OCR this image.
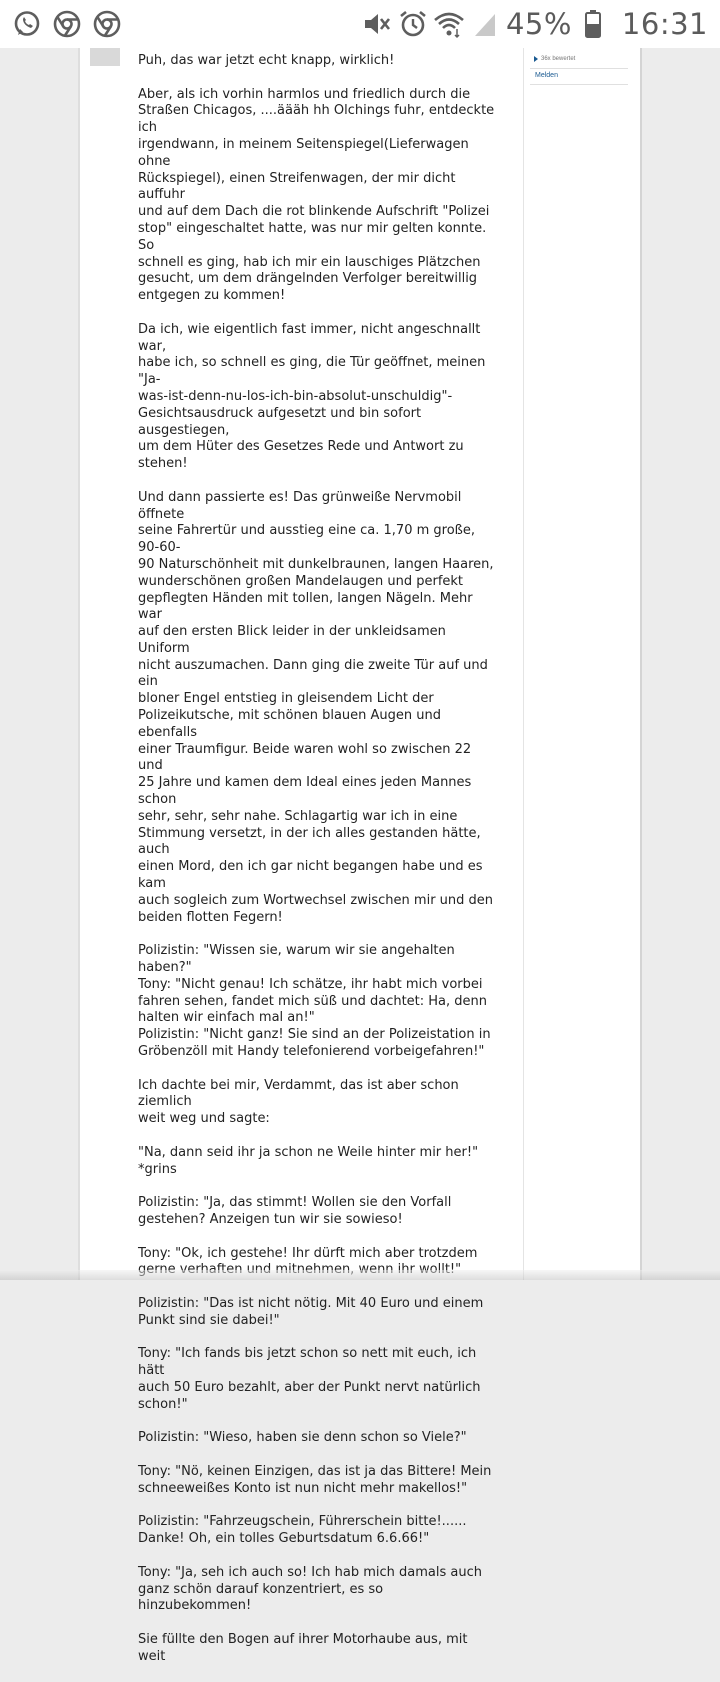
36x bewertet
Melden

Puh, das war jetzt echt knapp, wirklich!

Aber, als ich vorhin harmlos und friedlich durch die
Straßen Chicagos, ....äääh hh Olchings fuhr, entdeckte ich
irgendwann, in meinem Seitenspiegel(Lieferwagen ohne
Rückspiegel), einen Streifenwagen, der mir dicht auffuhr
und auf dem Dach die rot blinkende Aufschrift "Polizei
stop" eingeschaltet hatte, was nur mir gelten konnte. So
schnell es ging, hab ich mir ein lauschiges Plätzchen
gesucht, um dem drängelnden Verfolger bereitwillig
entgegen zu kommen!

Da ich, wie eigentlich fast immer, nicht angeschnallt war,
habe ich, so schnell es ging, die Tür geöffnet, meinen "Ja-
was-ist-denn-nu-los-ich-bin-absolut-unschuldig"-
Gesichtsausdruck aufgesetzt und bin sofort ausgestiegen,
um dem Hüter des Gesetzes Rede und Antwort zu stehen!

Und dann passierte es! Das grünweiße Nervmobil öffnete
seine Fahrertür und ausstieg eine ca. 1,70 m große, 90-60-
90 Naturschönheit mit dunkelbraunen, langen Haaren,
wunderschönen großen Mandelaugen und perfekt
gepflegten Händen mit tollen, langen Nägeln. Mehr war
auf den ersten Blick leider in der unkleidsamen Uniform
nicht auszumachen. Dann ging die zweite Tür auf und ein
bloner Engel entstieg in gleisendem Licht der
Polizeikutsche, mit schönen blauen Augen und ebenfalls
einer Traumfigur. Beide waren wohl so zwischen 22 und
25 Jahre und kamen dem Ideal eines jeden Mannes schon
sehr, sehr, sehr nahe. Schlagartig war ich in eine
Stimmung versetzt, in der ich alles gestanden hätte, auch
einen Mord, den ich gar nicht begangen habe und es kam
auch sogleich zum Wortwechsel zwischen mir und den
beiden flotten Fegern!

Polizistin: "Wissen sie, warum wir sie angehalten haben?"
Tony: "Nicht genau! Ich schätze, ihr habt mich vorbei
fahren sehen, fandet mich süß und dachtet: Ha, denn
halten wir einfach mal an!"
Polizistin: "Nicht ganz! Sie sind an der Polizeistation in
Gröbenzöll mit Handy telefonierend vorbeigefahren!"

Ich dachte bei mir, Verdammt, das ist aber schon ziemlich
weit weg und sagte:

"Na, dann seid ihr ja schon ne Weile hinter mir her!"
*grins

Polizistin: "Ja, das stimmt! Wollen sie den Vorfall
gestehen? Anzeigen tun wir sie sowieso!

Tony: "Ok, ich gestehe! Ihr dürft mich aber trotzdem

Polizistin: "Das ist nicht nötig. Mit 40 Euro und einem
Punkt sind sie dabei!"

Tony: "Ich fands bis jetzt schon so nett mit euch, ich hätt
auch 50 Euro bezahlt, aber der Punkt nervt natürlich
schon!"

Polizistin: "Wieso, haben sie denn schon so Viele?"

Tony: "Nö, keinen Einzigen, das ist ja das Bittere! Mein
schneeweißes Konto ist nun nicht mehr makellos!"

Polizistin: "Fahrzeugschein, Führerschein bitte!......
Danke! Oh, ein tolles Geburtsdatum 6.6.66!"

Tony: "Ja, seh ich auch so! Ich hab mich damals auch
ganz schön darauf konzentriert, es so hinzubekommen!

Sie füllte den Bogen auf ihrer Motorhaube aus, mit weit

45% 16:31
